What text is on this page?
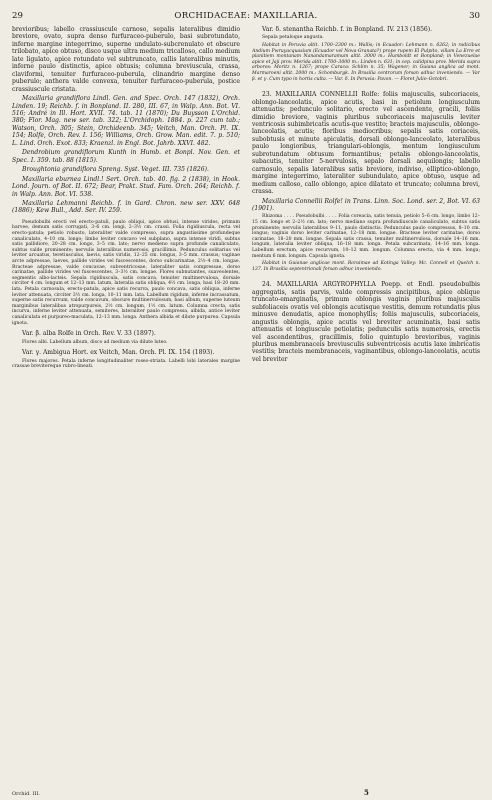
29	ORCHIDACEAE: MAXILLARIA.	30

brevioribus; labello crassiuscule carnoso, sepalis lateralibus dimidio breviore, ovato, supra denso furfuraceo-puberulo, basi subrotundato, inferne margine integerrimo, superne undulato-subcrenulato et obscure trilobato, apice obtuso, disco usque ultra medium tricalloso, callo medium late ligulato, apice rotundato vel subtruncato, callis lateralibus minutis, inferne paulo distinctis, apice obtusis; columna breviuscula, crassa, claviformi, tenuiter furfuraceo-puberula, clinandrio margine denso puberulo; anthera valde convexa, tenuiter furfuraceo-puberula, postice crassiuscule cristata.

Maxillaria grandiflora Lindl. Gen. and Spec. Orch. 147 (1832), Orch. Linden. 19; Reichb. f. in Bonpland. II. 280, III. 67, in Walp. Ann. Bot. VI. 516; André in Ill. Hort. XVII. 74. tab. 11 (1870); Du Buysson L'Orchid. 380; Flor. Mag. new ser. tab. 322; L'Orchidoph. 1884. p. 227 cum tab.; Watson, Orch. 305; Stein, Orchideenb. 345; Veitch, Man. Orch. Pl. IX. 154; Rolfe, Orch. Rev. I. 156; Williams, Orch. Grow. Man. edit. 7. p. 510; L. Lind. Orch. Exot. 833; Kraenzl. in Engl. Bot. Jahrb. XXVI. 482.

Dendrobium grandiflorum Kunth in Humb. et Bonpl. Nov. Gen. et Spec. I. 359. tab. 88 (1815).

Broughtonia grandiflora Spreng. Syst. Veget. III. 735 (1826).

Maxillaria eburnea Lindl.! Sert. Orch. tab. 40. fig. 2 (1838), in Hook. Lond. Journ. of Bot. II. 672; Bear, Prakt. Stud. Fam. Orch. 264; Reichb. f. in Walp. Ann. Bot. VI. 538.

Maxillaria Lehmanni Reichb. f. in Gard. Chron. new ser. XXV. 648 (1886); Kew Bull., Add. Ser. IV. 259.

Pseudobulbi erecti vel erecto-patuli, paulo obliqui, apice obtusi, intense virides, primum barvee, demum satis corrugati, 3–6 cm. longi, 2–3½ cm. crassi. Folia rigidiuscula, recta vel erecto-patula; petiolo robusto, lateraliter valde compresso, supra angustissime profundeque canaliculato, 4–10 cm. longo; limbo leviter concavo vel subplano, supra intense viridi, subtus satis pallidiore, 20–28 cm. longo, 3–5 cm. lato; nervo medieno supra profunde canaliculato, subtus valde prominente; nervulis lateralibus numerosis, gracillimis. Pedunculus solitarius vel leviter arcuatus, teretiusculus, laevis, satis viridis, 12–25 cm. longus, 3–5 mm. crassus; vaginae arcte adpressae, laeves, pallide virides vel fuscescentes, dorso subcarinatae, 2½–4 cm. longae. Bracteae adpressae, valde concavae, subventricosae, lateraliter satis compressae, dorso carinatae, pallide virides vel fuscescentes, 3–3½ cm. longae. Flores subnutantes, suaveolentes, segmentis albo-lacteis. Sepala rigidiuscula, satis concava, tenuiter multinervulosa, dorsale circiter 4 cm. longum et 12–13 mm. latum, lateralia satis obliqua, 4½ cm. longa, basi 18–20 mm. lata. Petala carnosula, erecto-patula, apice satis recurva, paulo concava, satis obliqua, inferne leviter attenuata, circiter 3½ cm. longa, 10–11 mm. lata. Labellum rigidum, inferne incrassatum, superne satis recurvum, valde concavum, obscure multinervulosum, basi album, superne luteum marginibus lateralibus atropurpureis, 2½ cm. longum, 1½ cm. latum. Columna crecta, satis incurva, inferne leviter attenuata, semiteres, lateraliter paulo compressa, albida, antice leviter canaliculata et purpureo-maculata, 12–13 mm. longa. Anthera albida et dilute purpurea. Capsula ignota.

Var. β. alba Rolfe in Orch. Rev. V. 33 (1897).

Flores albi. Labellum album, disco ad medium via dilute luteo.

Var. γ. Ambigua Hort. ex Veitch, Man. Orch. Pl. IX. 154 (1893).

Flores majores. Petala inferne longitudinaliter roseo-striata. Labelli lobi laterales margine crassae brevitereque rubro-lineati.

Var. δ. stenantha Reichb. f. in Bonpland. IV. 213 (1856).

Sepala petaloque angusta.

Habitat in Peruvia altit. 1700–2300 m.: Wallis; in Ecuador: Lehmann n. 6262; in radicibus Andium Pwruyacquasium (Ecuador vel Nova-Granata?) prope rupem El Pulpito, villam La Erre et planitiem montanam Nanandamaramum altit. 3000 m.: Humboldt et Bonpland; in Venezuelae apice et Jaji prov. Merida altit. 1700–3000 m.: Linden n. 631; in cep. calidpina prov. Merida supra arbores: Moritz n. 1267; prope Caraca: Schlim n. 35; Wagener; in Guiana anglica ad mont. Marmaroeni altit. 2000 m.: Schomburgk. In Brasilia centrorum forsan adhuc inveniendo. — Var β. et γ. Cum typo in hortis culta. — Var. δ. In Peruvia: Pavon. — Floret Julio–Octobri.

23. MAXILLARIA CONNELLII Rolfe: foliis majusculis, subcoriaceis, oblongo-lanceolatis, apice acutis, basi in petiolum longiusculum attenuatis; pedunculo solitario, erecto vel ascendente, gracili, foliis dimidio breviore, vaginis pluribus subcoriaceis majusculis leviter ventricosis subimbricatis acutis-que vestito; bracteis majusculis, oblongo-lanceolatis, acutis; floribus mediocribus; sepalis satis coriaceis, subobtusis et minute apiculatis, dorsali oblongo-lanceolato, lateralibus paulo longioribus, triangulari-oblongis, mentum longiusculum subrotundatum obtusum formantibus; petalis oblongo-lanceolatis, subacutis, tenuiter 5-nervulosis, sepalo dorsali aequilongis; labello carnosulo, sepalis lateralibus satis breviore, indiviso, elliptico-oblongo, margine integerrimo, lateraliter subundulato, apice obtuso, usque ad medium calloso, callo oblongo, apice dilatato et truncato; columna brevi, crassa.

Maxillaria Connellii Rolfe! in Trans. Linn. Soc. Lond. ser. 2, Bot. VI. 63 (1901).

Rhizoma . . . . Pseudobulbi . . . . Folia coreacia, satis tenuia, petiolo 5–6 cm. longo, limbo 12–15 cm. longo et 2–2½ cm. lato; nervo mediano supra profundiuscule canaliculato, subtus satis prominente; nervulis lateralibus 9–11, paulo distinctis. Pedunculus paulo compressus, 8–10 cm. longus; vaginis dorso leviter carinatae, 12–18 mm. longae. Bracteae leviter carinatae, dorso carinatae, 18–20 mm. longae. Sepala satis crassa, tenuiter multinervulosa, dorsale 14–16 mm. longum, lateralia leviter obliqua, 16–18 mm. longa. Petala subcarinata, 14–16 mm. longa. Labellum erectum, apice recurvum, 10–12 mm. longum. Columna erecta, via 4 mm. longa; mentum 6 mm. longum. Capsula ignota.

Habitat in Guianae anglicae mont. Roraimae ad Kotinga Valley: Mc. Connell et Quelch n. 137. In Brasilia septentrionali forsan adhuc inveniendo.

24. MAXILLARIA ARGYROPHYLLA Poepp. et Endl. pseudobulbis aggregatis, satis parvis, valde compressis ancipitibus, apice oblique truncato-emarginatis, primum oblongis vaginis pluribus majusculis subfoliaceis ovatis vel oblongis acutisque vestitis, demum rotundatis plus minusve denudatis, apice monophyllis; foliis majusculis, subcoriaceis, angustis oblongis, apice acutis vel breviter acuminatis, basi satis attenuatis et longiuscule petiolatis; pedunculis satis numerosis, erectis vel ascendentibus, gracillimis, folio quintuplo brevioribus, vaginis pluribus membranaceis breviusculis subventricosis acutis laxe imbricatis vestitis; bracteis membranaceis, vaginantibus, oblongo-lanceolatis, acutis vel breviter

Orchid. III.	5
